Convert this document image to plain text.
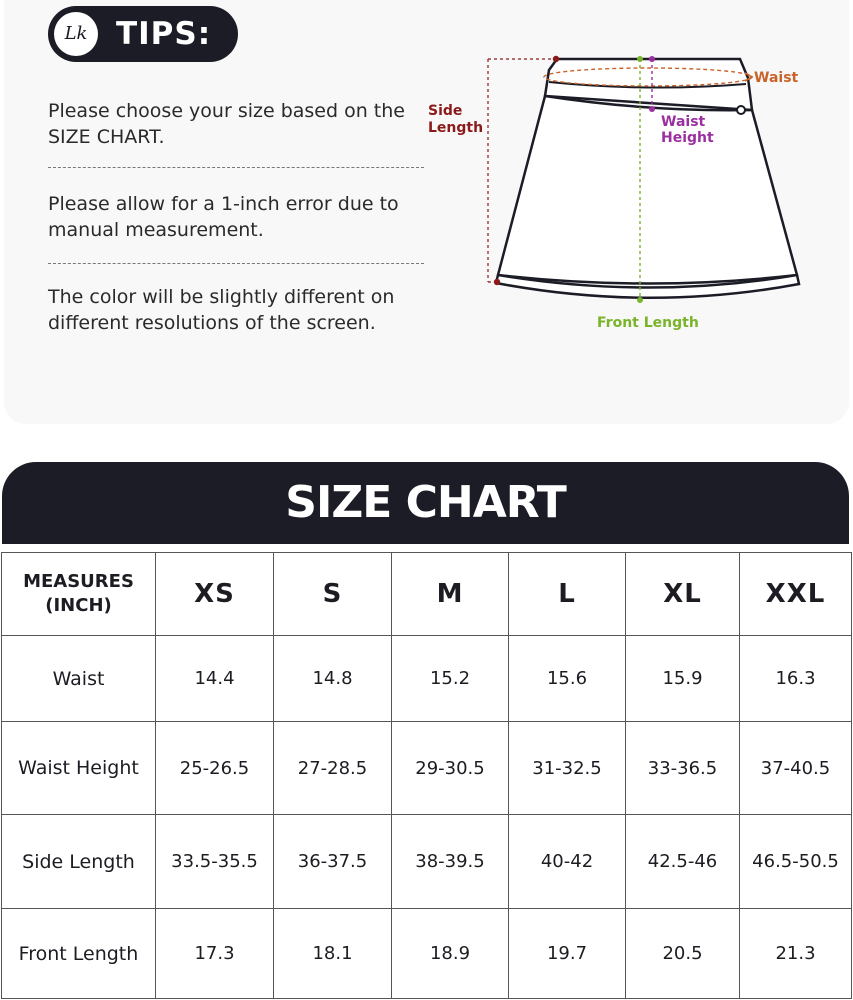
Lk TIPS:
Please choose your size based on the SIZE CHART.
Please allow for a 1-inch error due to manual measurement.
The color will be slightly different on different resolutions of the screen.
Side
Length
Waist
Waist
Height
Front Length
SIZE CHART
MEASURES
(INCH)	XS	S	M	L	XL	XXL
Waist	14.4	14.8	15.2	15.6	15.9	16.3
Waist Height	25-26.5	27-28.5	29-30.5	31-32.5	33-36.5	37-40.5
Side Length	33.5-35.5	36-37.5	38-39.5	40-42	42.5-46	46.5-50.5
Front Length	17.3	18.1	18.9	19.7	20.5	21.3
